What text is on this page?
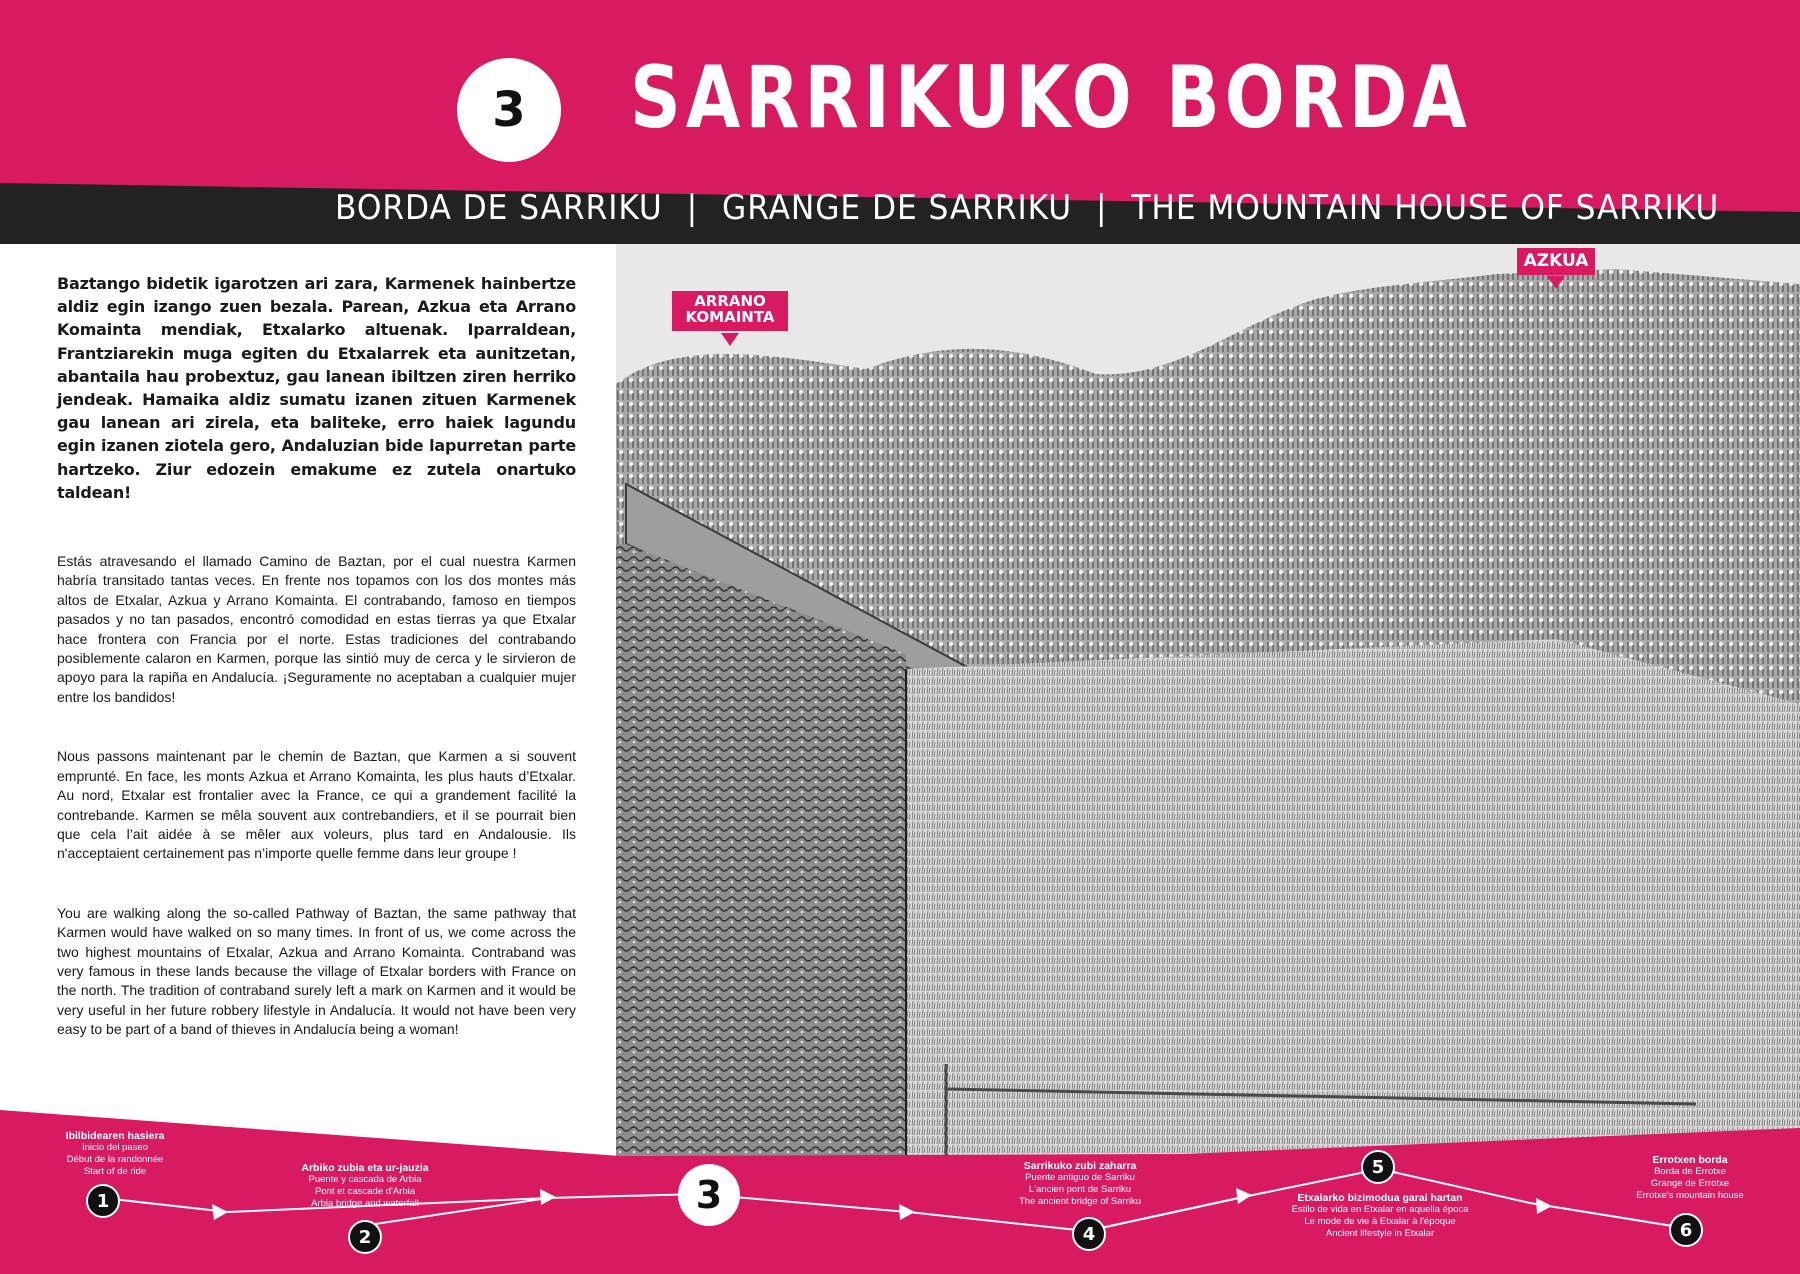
3	SARRIKUKO BORDA
BORDA DE SARRIKU | GRANGE DE SARRIKU | THE MOUNTAIN HOUSE OF SARRIKU

Baztango bidetik igarotzen ari zara, Karmenek hainbertze aldiz egin izango zuen bezala. Parean, Azkua eta Arrano Komainta mendiak, Etxalarko altuenak. Iparraldean, Frantziarekin muga egiten du Etxalarrek eta aunitzetan, abantaila hau probextuz, gau lanean ibiltzen ziren herriko jendeak. Hamaika aldiz sumatu izanen zituen Karmenek gau lanean ari zirela, eta baliteke, erro haiek lagundu egin izanen ziotela gero, Andaluzian bide lapurretan parte hartzeko. Ziur edozein emakume ez zutela onartuko taldean!

Estás atravesando el llamado Camino de Baztan, por el cual nuestra Karmen habría transitado tantas veces. En frente nos topamos con los dos montes más altos de Etxalar, Azkua y Arrano Komainta. El contrabando, famoso en tiempos pasados y no tan pasados, encontró comodidad en estas tierras ya que Etxalar hace frontera con Francia por el norte. Estas tradiciones del contrabando posiblemente calaron en Karmen, porque las sintió muy de cerca y le sirvieron de apoyo para la rapiña en Andalucía. ¡Seguramente no aceptaban a cualquier mujer entre los bandidos!

Nous passons maintenant par le chemin de Baztan, que Karmen a si souvent emprunté. En face, les monts Azkua et Arrano Komainta, les plus hauts d’Etxalar. Au nord, Etxalar est frontalier avec la France, ce qui a grandement facilité la contrebande. Karmen se mêla souvent aux contrebandiers, et il se pourrait bien que cela l’ait aidée à se mêler aux voleurs, plus tard en Andalousie. Ils n'acceptaient certainement pas n’importe quelle femme dans leur groupe !

You are walking along the so-called Pathway of Baztan, the same pathway that Karmen would have walked on so many times. In front of us, we come across the two highest mountains of Etxalar, Azkua and Arrano Komainta. Contraband was very famous in these lands because the village of Etxalar borders with France on the north. The tradition of contraband surely left a mark on Karmen and it would be very useful in her future robbery lifestyle in Andalucía. It would not have been very easy to be part of a band of thieves in Andalucía being a woman!

ARRANO
KOMAINTA
AZKUA
Ibilbidearen hasiera
Inicio del paseo
Début de la randonnée
Start of de ride
1
Arbiko zubia eta ur-jauzia
Puente y cascada de Arbia
Pont et cascade d'Arbia
Arbia bridge and waterfall
2
3
Sarrikuko zubi zaharra
Puente antiguo de Sarriku
L'ancien pont de Sarriku
The ancient bridge of Sarriku
4
5
Etxalarko bizimodua garai hartan
Estilo de vida en Etxalar en aquella época
Le mode de vie à Etxalar à l'époque
Ancient lifestyle in Etxalar
Errotxen borda
Borda de Errotxe
Grange de Errotxe
Errotxe's mountain house
6
